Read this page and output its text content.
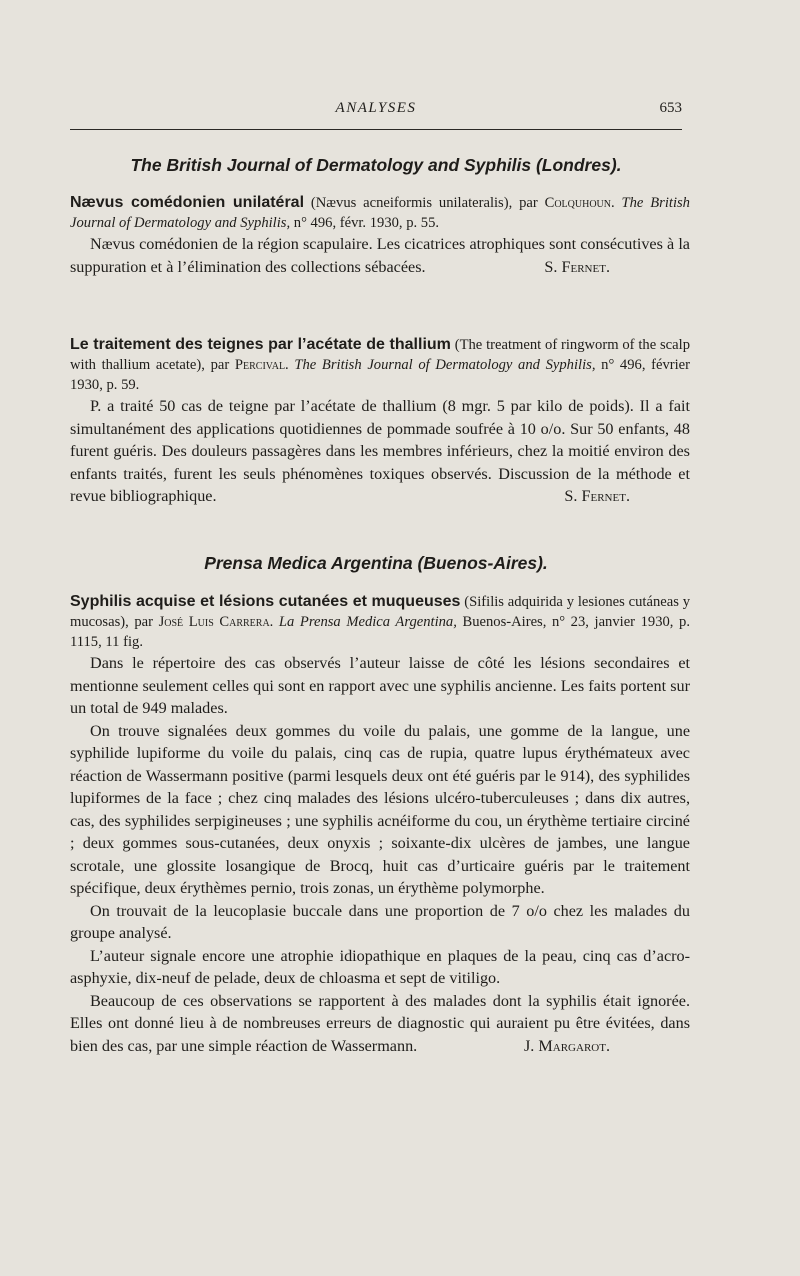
ANALYSES	653
The British Journal of Dermatology and Syphilis (Londres).

Nævus comédonien unilatéral (Nævus acneiformis unilateralis), par Colquhoun. The British Journal of Dermatology and Syphilis, n° 496, févr. 1930, p. 55.

Nævus comédonien de la région scapulaire. Les cicatrices atrophiques sont consécutives à la suppuration et à l’élimination des collections sébacées.	S. Fernet.

Le traitement des teignes par l’acétate de thallium (The treatment of ringworm of the scalp with thallium acetate), par Percival. The British Journal of Dermatology and Syphilis, n° 496, février 1930, p. 59.

P. a traité 50 cas de teigne par l’acétate de thallium (8 mgr. 5 par kilo de poids). Il a fait simultanément des applications quotidiennes de pommade soufrée à 10 o/o. Sur 50 enfants, 48 furent guéris. Des douleurs passagères dans les membres inférieurs, chez la moitié environ des enfants traités, furent les seuls phénomènes toxiques observés. Discussion de la méthode et revue bibliographique.	S. Fernet.

Prensa Medica Argentina (Buenos-Aires).

Syphilis acquise et lésions cutanées et muqueuses (Sifilis adquirida y lesiones cutáneas y mucosas), par José Luis Carrera. La Prensa Medica Argentina, Buenos-Aires, n° 23, janvier 1930, p. 1115, 11 fig.

Dans le répertoire des cas observés l’auteur laisse de côté les lésions secondaires et mentionne seulement celles qui sont en rapport avec une syphilis ancienne. Les faits portent sur un total de 949 malades.

On trouve signalées deux gommes du voile du palais, une gomme de la langue, une syphilide lupiforme du voile du palais, cinq cas de rupia, quatre lupus érythémateux avec réaction de Wassermann positive (parmi lesquels deux ont été guéris par le 914), des syphilides lupiformes de la face ; chez cinq malades des lésions ulcéro-tuberculeuses ; dans dix autres, cas, des syphilides serpigineuses ; une syphilis acnéiforme du cou, un érythème tertiaire circiné ; deux gommes sous-cutanées, deux onyxis ; soixante-dix ulcères de jambes, une langue scrotale, une glossite losangique de Brocq, huit cas d’urticaire guéris par le traitement spécifique, deux érythèmes pernio, trois zonas, un érythème polymorphe.

On trouvait de la leucoplasie buccale dans une proportion de 7 o/o chez les malades du groupe analysé.

L’auteur signale encore une atrophie idiopathique en plaques de la peau, cinq cas d’acro-asphyxie, dix-neuf de pelade, deux de chloasma et sept de vitiligo.

Beaucoup de ces observations se rapportent à des malades dont la syphilis était ignorée. Elles ont donné lieu à de nombreuses erreurs de diagnostic qui auraient pu être évitées, dans bien des cas, par une simple réaction de Wassermann.	J. Margarot.
